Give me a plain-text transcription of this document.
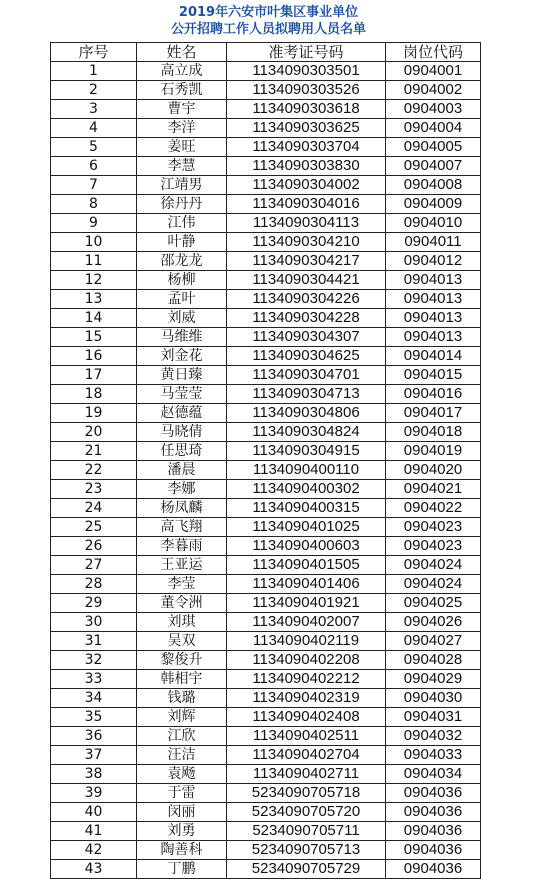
2019年六安市叶集区事业单位
公开招聘工作人员拟聘用人员名单
序号	姓名	准考证号码	岗位代码
1	高立成	1134090303501	0904001
2	石秀凯	1134090303526	0904002
3	曹宇	1134090303618	0904003
4	李洋	1134090303625	0904004
5	姜旺	1134090303704	0904005
6	李慧	1134090303830	0904007
7	江靖男	1134090304002	0904008
8	徐丹丹	1134090304016	0904009
9	江伟	1134090304113	0904010
10	叶静	1134090304210	0904011
11	邵龙龙	1134090304217	0904012
12	杨柳	1134090304421	0904013
13	孟叶	1134090304226	0904013
14	刘威	1134090304228	0904013
15	马维维	1134090304307	0904013
16	刘金花	1134090304625	0904014
17	黄日臻	1134090304701	0904015
18	马莹莹	1134090304713	0904016
19	赵德蕴	1134090304806	0904017
20	马晓倩	1134090304824	0904018
21	任思琦	1134090304915	0904019
22	潘晨	1134090400110	0904020
23	李娜	1134090400302	0904021
24	杨凤麟	1134090400315	0904022
25	高飞翔	1134090401025	0904023
26	李暮雨	1134090400603	0904023
27	王亚运	1134090401505	0904024
28	李莹	1134090401406	0904024
29	董令洲	1134090401921	0904025
30	刘琪	1134090402007	0904026
31	吴双	1134090402119	0904027
32	黎俊升	1134090402208	0904028
33	韩相宇	1134090402212	0904029
34	钱璐	1134090402319	0904030
35	刘辉	1134090402408	0904031
36	江欣	1134090402511	0904032
37	汪洁	1134090402704	0904033
38	袁飏	1134090402711	0904034
39	于雷	5234090705718	0904036
40	闵丽	5234090705720	0904036
41	刘勇	5234090705711	0904036
42	陶善科	5234090705713	0904036
43	丁鹏	5234090705729	0904036
